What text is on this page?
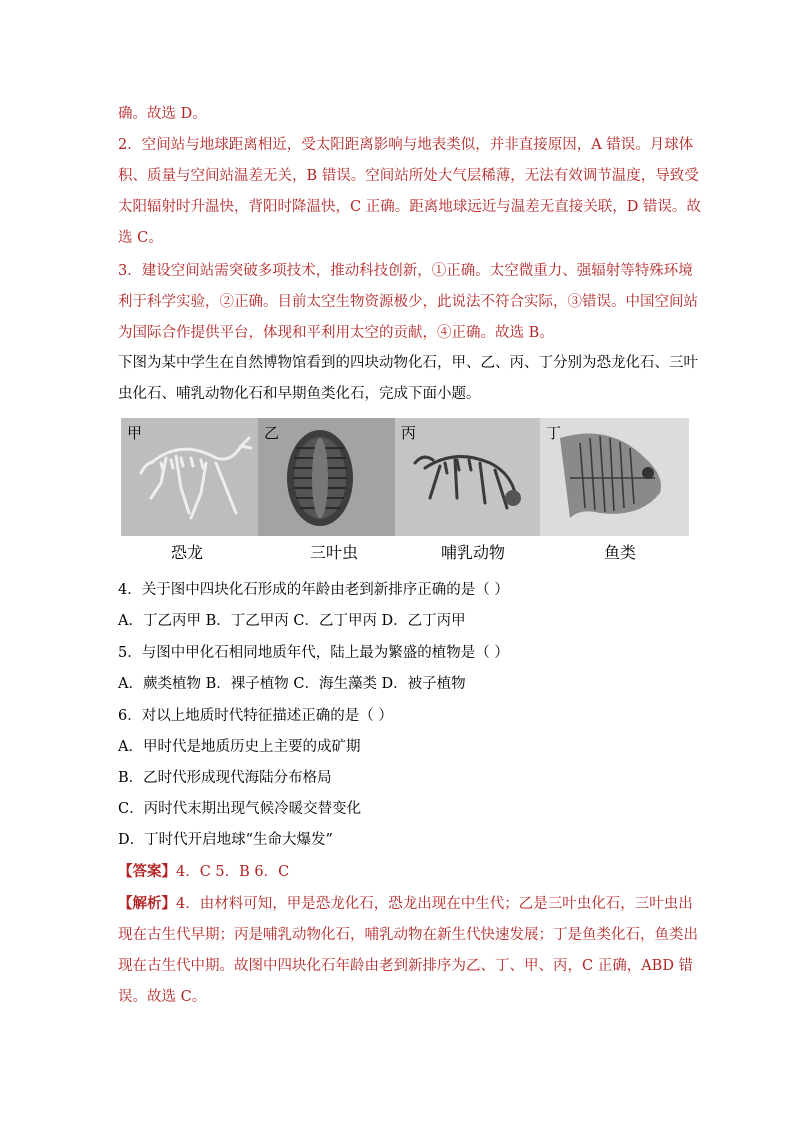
确。故选 D。
2．空间站与地球距离相近，受太阳距离影响与地表类似，并非直接原因，A 错误。月球体
积、质量与空间站温差无关，B 错误。空间站所处大气层稀薄，无法有效调节温度，导致受
太阳辐射时升温快，背阳时降温快，C 正确。距离地球远近与温差无直接关联，D 错误。故
选 C。
3．建设空间站需突破多项技术，推动科技创新，①正确。太空微重力、强辐射等特殊环境
利于科学实验，②正确。目前太空生物资源极少，此说法不符合实际，③错误。中国空间站
为国际合作提供平台，体现和平利用太空的贡献，④正确。故选 B。
下图为某中学生在自然博物馆看到的四块动物化石，甲、乙、丙、丁分别为恐龙化石、三叶
虫化石、哺乳动物化石和早期鱼类化石，完成下面小题。
甲	乙	丙	丁
恐龙	三叶虫	哺乳动物	鱼类
4．关于图中四块化石形成的年龄由老到新排序正确的是（ ）
A．丁乙丙甲 B．丁乙甲丙 C．乙丁甲丙 D．乙丁丙甲
5．与图中甲化石相同地质年代，陆上最为繁盛的植物是（ ）
A．蕨类植物 B．裸子植物 C．海生藻类 D．被子植物
6．对以上地质时代特征描述正确的是（ ）
A．甲时代是地质历史上主要的成矿期
B．乙时代形成现代海陆分布格局
C．丙时代末期出现气候冷暖交替变化
D．丁时代开启地球“生命大爆发”
【答案】4．C 5．B 6．C
【解析】4．由材料可知，甲是恐龙化石，恐龙出现在中生代；乙是三叶虫化石，三叶虫出
现在古生代早期；丙是哺乳动物化石，哺乳动物在新生代快速发展；丁是鱼类化石，鱼类出
现在古生代中期。故图中四块化石年龄由老到新排序为乙、丁、甲、丙，C 正确，ABD 错
误。故选 C。
